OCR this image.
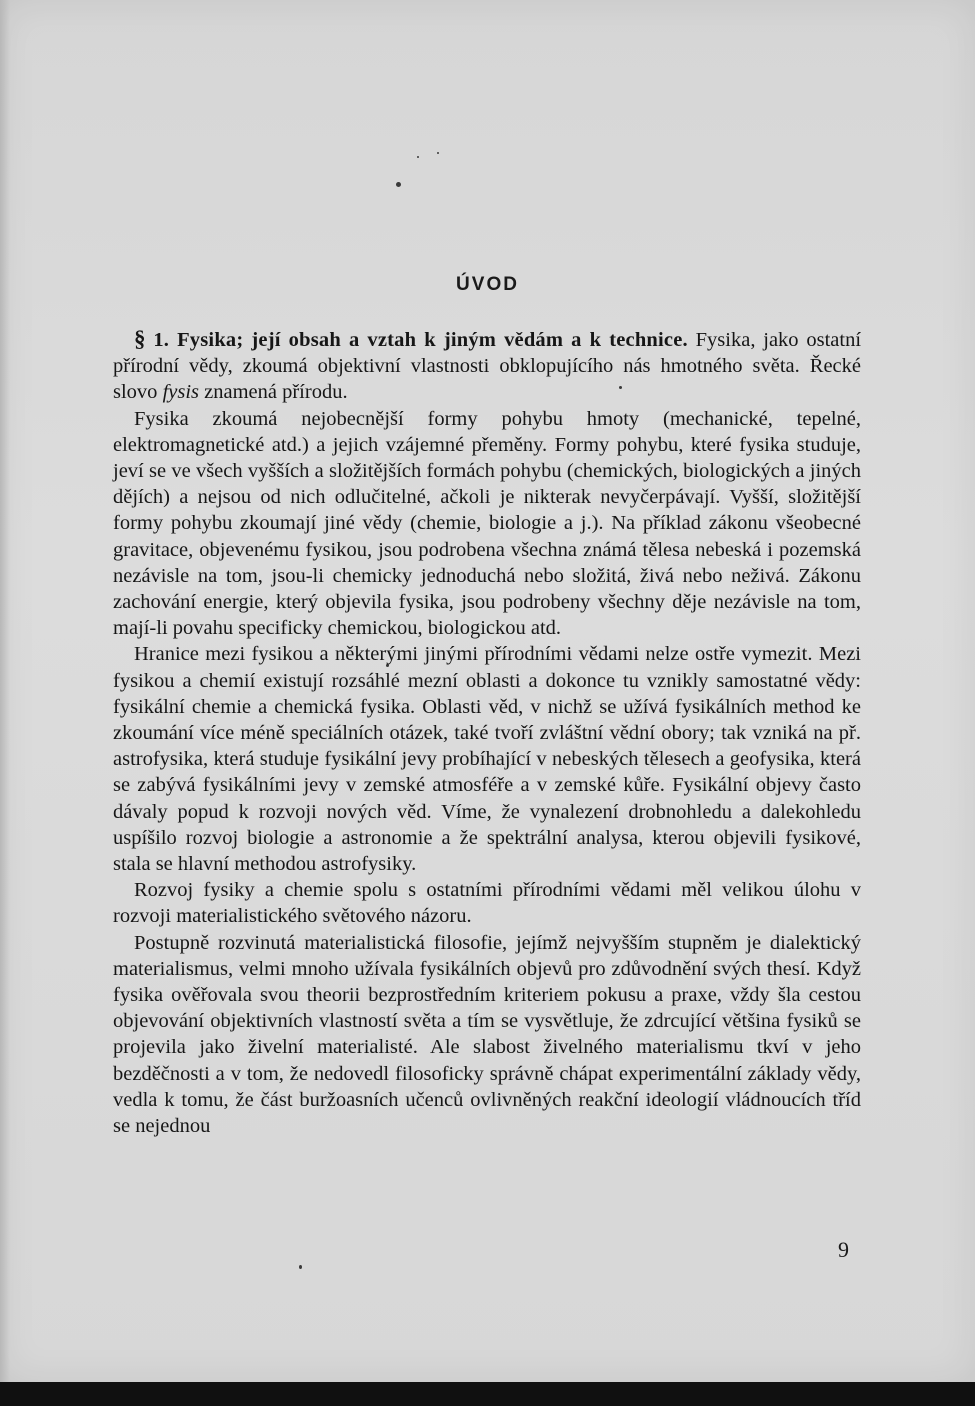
ÚVOD

§ 1. Fysika; její obsah a vztah k jiným vědám a k technice. Fysika, jako ostatní přírodní vědy, zkoumá objektivní vlastnosti obklopujícího nás hmotného světa. Řecké slovo fysis znamená přírodu.

Fysika zkoumá nejobecnější formy pohybu hmoty (mechanické, tepelné, elektromagnetické atd.) a jejich vzájemné přeměny. Formy pohybu, které fysika studuje, jeví se ve všech vyšších a složitějších formách pohybu (chemických, biologických a jiných dějích) a nejsou od nich odlučitelné, ačkoli je nikterak nevyčerpávají. Vyšší, složitější formy pohybu zkoumají jiné vědy (chemie, biologie a j.). Na příklad zákonu všeobecné gravitace, objevenému fysikou, jsou podrobena všechna známá tělesa nebeská i pozemská nezávisle na tom, jsou-li chemicky jednoduchá nebo složitá, živá nebo neživá. Zákonu zachování energie, který objevila fysika, jsou podrobeny všechny děje nezávisle na tom, mají-li povahu specificky chemickou, biologickou atd.

Hranice mezi fysikou a některými jinými přírodními vědami nelze ostře vymezit. Mezi fysikou a chemií existují rozsáhlé mezní oblasti a dokonce tu vznikly samostatné vědy: fysikální chemie a chemická fysika. Oblasti věd, v nichž se užívá fysikálních method ke zkoumání více méně speciálních otázek, také tvoří zvláštní vědní obory; tak vzniká na př. astrofysika, která studuje fysikální jevy probíhající v nebeských tělesech a geofysika, která se zabývá fysikálními jevy v zemské atmosféře a v zemské kůře. Fysikální objevy často dávaly popud k rozvoji nových věd. Víme, že vynalezení drobnohledu a dalekohledu uspíšilo rozvoj biologie a astronomie a že spektrální analysa, kterou objevili fysikové, stala se hlavní methodou astrofysiky.

Rozvoj fysiky a chemie spolu s ostatními přírodními vědami měl velikou úlohu v rozvoji materialistického světového názoru.

Postupně rozvinutá materialistická filosofie, jejímž nejvyšším stupněm je dialektický materialismus, velmi mnoho užívala fysikálních objevů pro zdůvodnění svých thesí. Když fysika ověřovala svou theorii bezprostředním kriteriem pokusu a praxe, vždy šla cestou objevování objektivních vlastností světa a tím se vysvětluje, že zdrcující většina fysiků se projevila jako živelní materialisté. Ale slabost živelného materialismu tkví v jeho bezděčnosti a v tom, že nedovedl filosoficky správně chápat experimentální základy vědy, vedla k tomu, že část buržoasních učenců ovlivněných reakční ideologií vládnoucích tříd se nejednou

9
